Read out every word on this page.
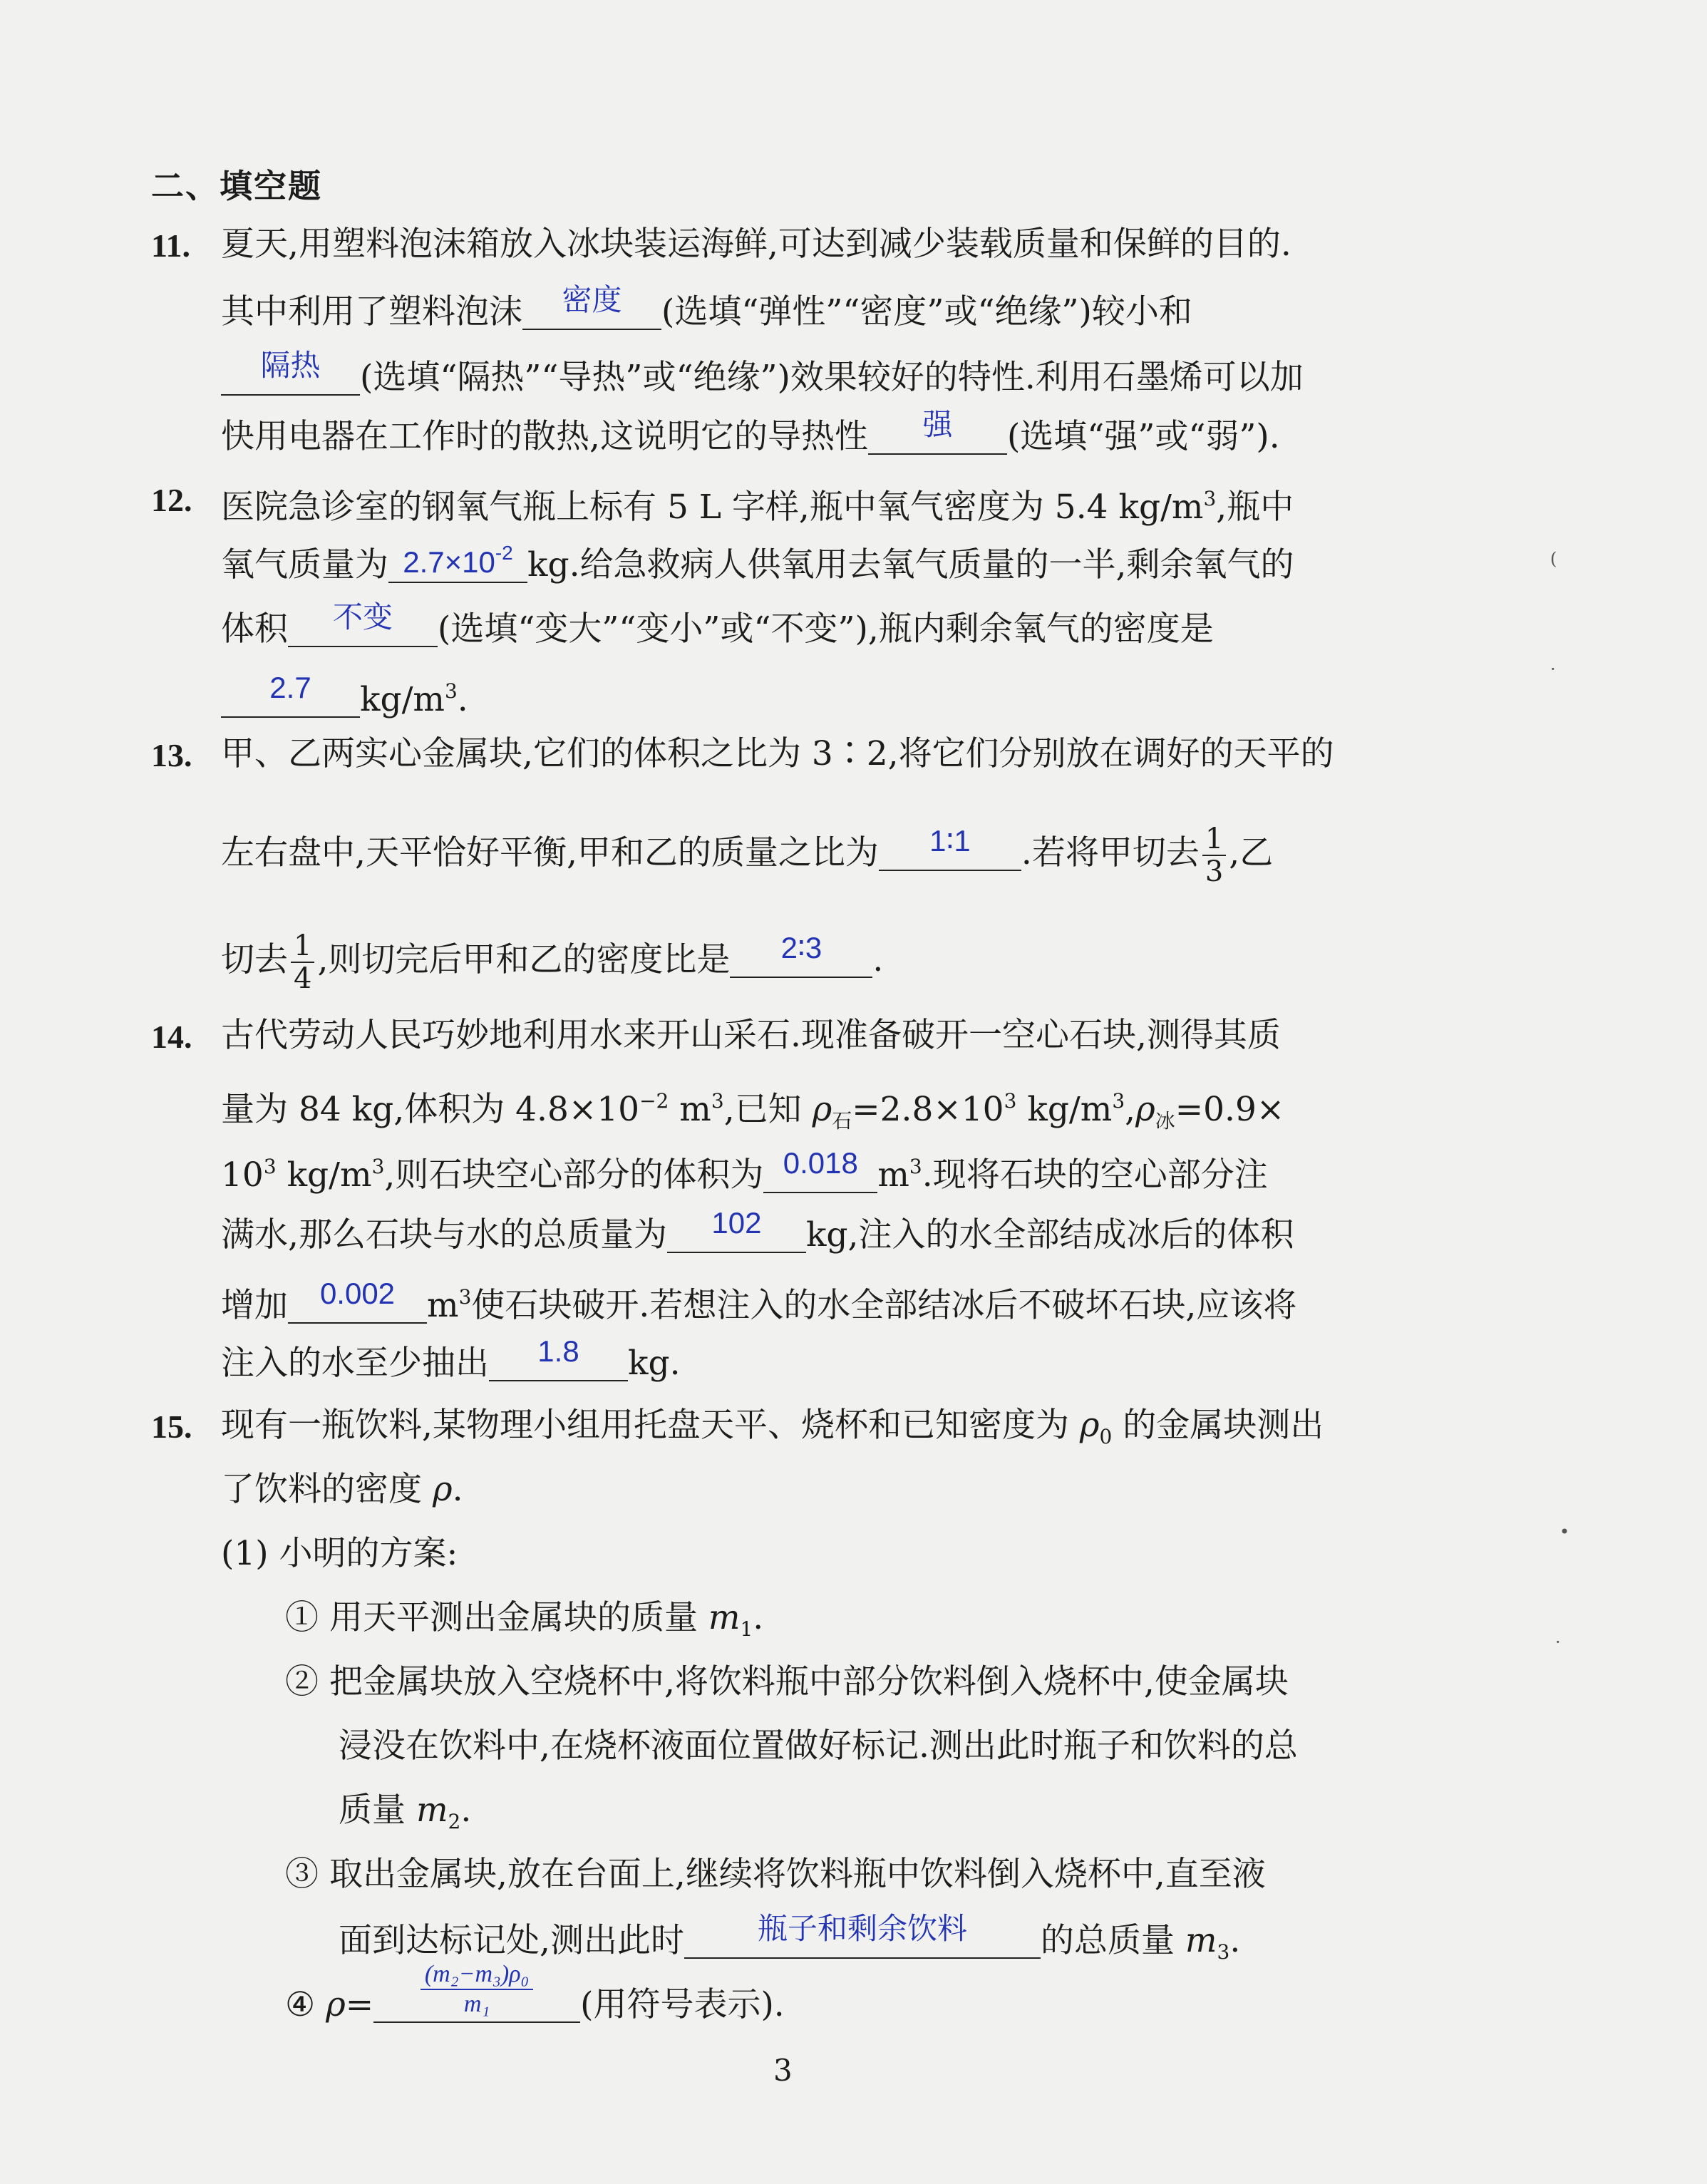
二、填空题
11. 夏天,用塑料泡沫箱放入冰块装运海鲜,可达到减少装载质量和保鲜的目的.
其中利用了塑料泡沫	密度	(选填“弹性”“密度”或“绝缘”)较小和
隔热	(选填“隔热”“导热”或“绝缘”)效果较好的特性.利用石墨烯可以加
快用电器在工作时的散热,这说明它的导热性	强	(选填“强”或“弱”).
12. 医院急诊室的钢氧气瓶上标有 5 L 字样,瓶中氧气密度为 5.4 $kg/m^3$,瓶中
氧气质量为 $2.7\times 10^{-2}$ kg.给急救病人供氧用去氧气质量的一半,剩余氧气的
体积	不变	(选填“变大”“变小”或“不变”),瓶内剩余氧气的密度是
2.7	$kg/m^3$.
13. 甲、乙两实心金属块,它们的体积之比为 3∶2,将它们分别放在调好的天平的
左右盘中,天平恰好平衡,甲和乙的质量之比为	1∶1	.若将甲切去 $\frac{1}{3}$ ,乙
切去 $\frac{1}{4}$ ,则切完后甲和乙的密度比是	2∶3	.
14. 古代劳动人民巧妙地利用水来开山采石.现准备破开一空心石块,测得其质
量为 84 kg,体积为 $4.8\times 10^{-2}$ $m^3$,已知 $\rho_石=2.8\times 10^3$ $kg/m^3,\rho_冰=0.9\times$
$10^3$ $kg/m^3$,则石块空心部分的体积为 0.018 $m^3$.现将石块的空心部分注
满水,那么石块与水的总质量为	102	kg,注入的水全部结成冰后的体积
增加	0.002 $m^3$使石块破开.若想注入的水全部结冰后不破坏石块,应该将
注入的水至少抽出	1.8	kg.
15. 现有一瓶饮料,某物理小组用托盘天平、烧杯和已知密度为 $\rho_0$ 的金属块测出
了饮料的密度 ρ.
(1) 小明的方案:
① 用天平测出金属块的质量 $m_1$.
② 把金属块放入空烧杯中,将饮料瓶中部分饮料倒入烧杯中,使金属块
浸没在饮料中,在烧杯液面位置做好标记.测出此时瓶子和饮料的总
质量 $m_2$.
③ 取出金属块,放在台面上,继续将饮料瓶中饮料倒入烧杯中,直至液
面到达标记处,测出此时	瓶子和剩余饮料	的总质量 $m_3$.
④ ρ=
(m₂−m₃)ρ₀
m₁	(用符号表示).
3
(
·
•
·
